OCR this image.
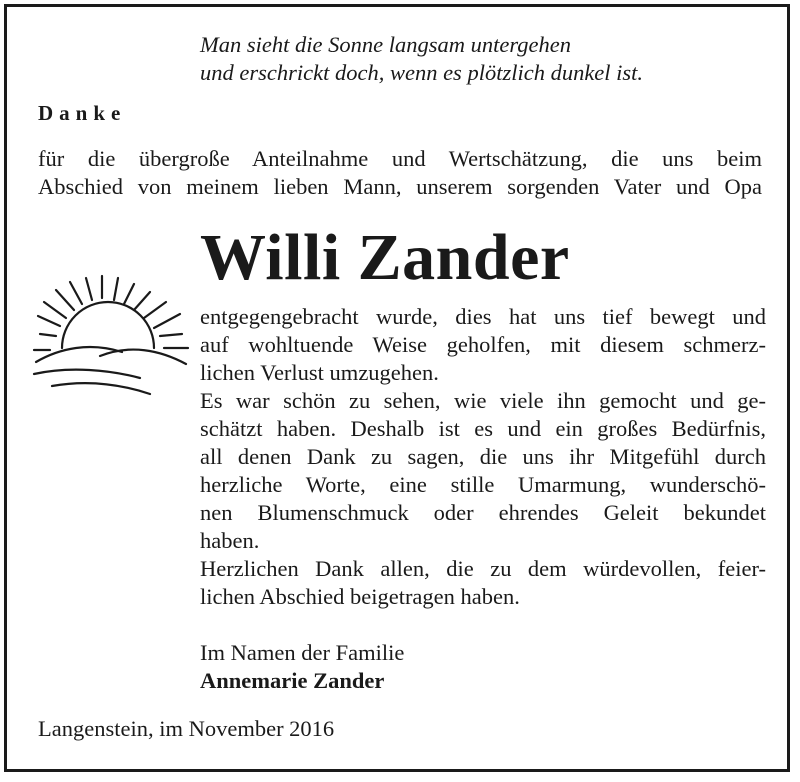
Man sieht die Sonne langsam untergehen
und erschrickt doch, wenn es plötzlich dunkel ist.
Danke
für die übergroße Anteilnahme und Wertschätzung, die uns beim
Abschied von meinem lieben Mann, unserem sorgenden Vater und Opa
Willi Zander
entgegengebracht wurde, dies hat uns tief bewegt und
auf wohltuende Weise geholfen, mit diesem schmerz-
lichen Verlust umzugehen.
Es war schön zu sehen, wie viele ihn gemocht und ge-
schätzt haben. Deshalb ist es und ein großes Bedürfnis,
all denen Dank zu sagen, die uns ihr Mitgefühl durch
herzliche Worte, eine stille Umarmung, wunderschö-
nen Blumenschmuck oder ehrendes Geleit bekundet
haben.
Herzlichen Dank allen, die zu dem würdevollen, feier-
lichen Abschied beigetragen haben.
Im Namen der Familie
Annemarie Zander
Langenstein, im November 2016
